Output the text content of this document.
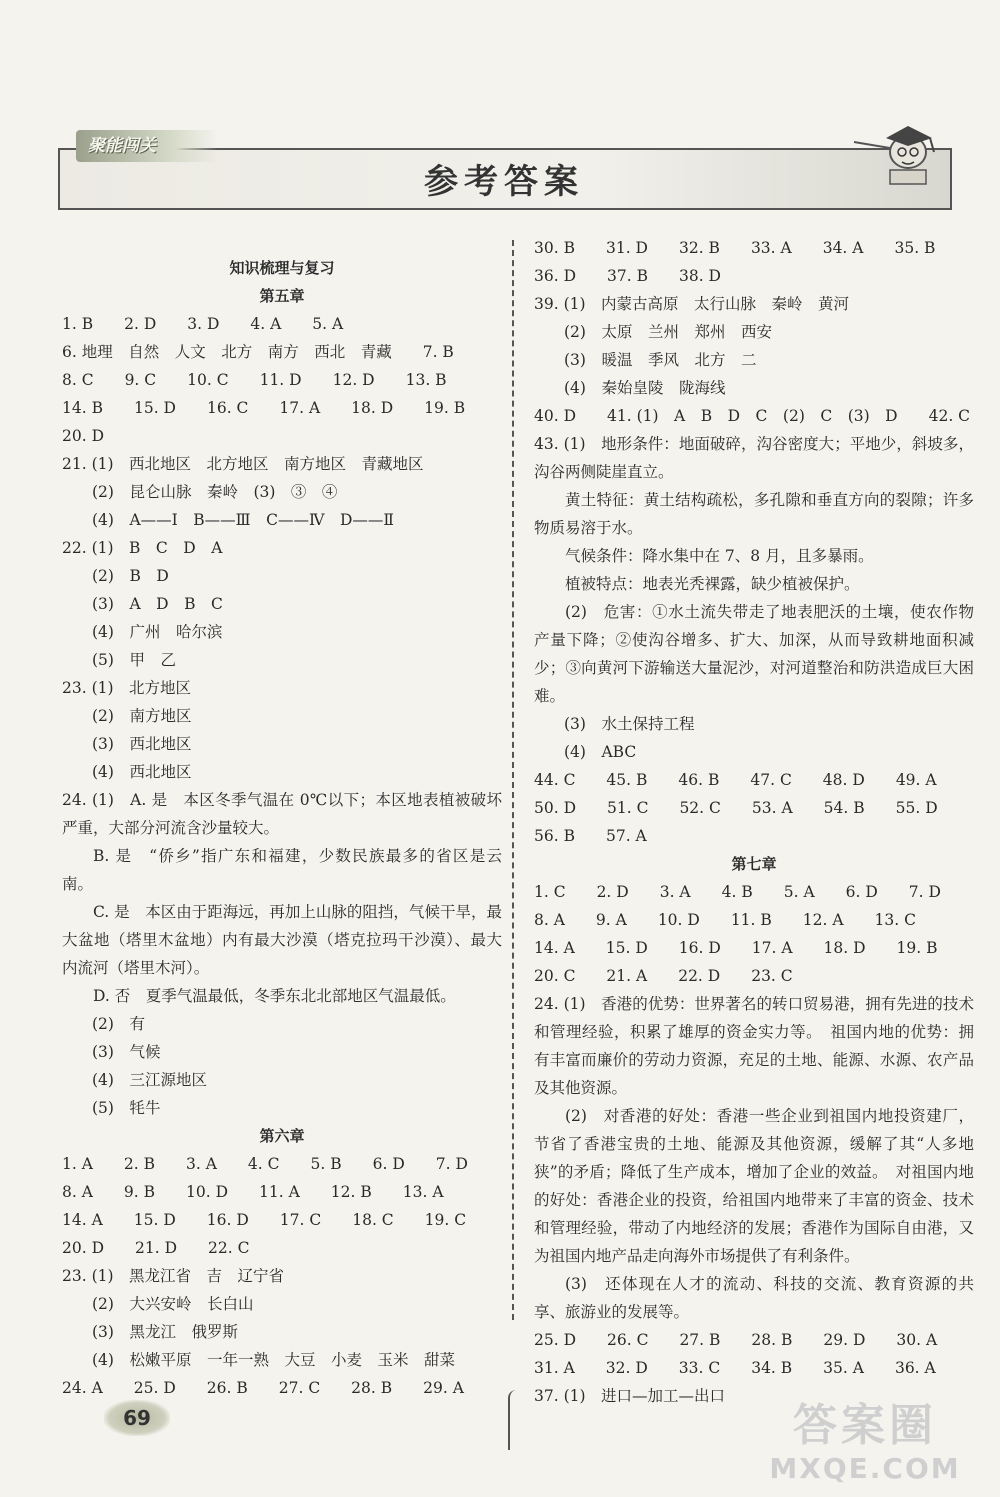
聚能闯关
参考答案
知识梳理与复习
第五章
1. B　　2. D　　3. D　　4. A　　5. A
6. 地理　自然　人文　北方　南方　西北　青藏　　7. B
8. C　　9. C　　10. C　　11. D　　12. D　　13. B
14. B　　15. D　　16. C　　17. A　　18. D　　19. B
20. D
21. (1)　西北地区　北方地区　南方地区　青藏地区
(2)　昆仑山脉　秦岭　(3)　③　④
(4)　A——Ⅰ　B——Ⅲ　C——Ⅳ　D——Ⅱ
22. (1)　B　C　D　A
(2)　B　D
(3)　A　D　B　C
(4)　广州　哈尔滨
(5)　甲　乙
23. (1)　北方地区
(2)　南方地区
(3)　西北地区
(4)　西北地区
24. (1)　A. 是　本区冬季气温在 0℃以下；本区地表植被破坏严重，大部分河流含沙量较大。
B. 是　“侨乡”指广东和福建，少数民族最多的省区是云南。
C. 是　本区由于距海远，再加上山脉的阻挡，气候干旱，最大盆地（塔里木盆地）内有最大沙漠（塔克拉玛干沙漠）、最大内流河（塔里木河）。
D. 否　夏季气温最低，冬季东北北部地区气温最低。
(2)　有
(3)　气候
(4)　三江源地区
(5)　牦牛
第六章
1. A　　2. B　　3. A　　4. C　　5. B　　6. D　　7. D
8. A　　9. B　　10. D　　11. A　　12. B　　13. A
14. A　　15. D　　16. D　　17. C　　18. C　　19. C
20. D　　21. D　　22. C
23. (1)　黑龙江省　吉　辽宁省
(2)　大兴安岭　长白山
(3)　黑龙江　俄罗斯
(4)　松嫩平原　一年一熟　大豆　小麦　玉米　甜菜
24. A　　25. D　　26. B　　27. C　　28. B　　29. A
30. B　　31. D　　32. B　　33. A　　34. A　　35. B
36. D　　37. B　　38. D
39. (1)　内蒙古高原　太行山脉　秦岭　黄河
(2)　太原　兰州　郑州　西安
(3)　暖温　季风　北方　二
(4)　秦始皇陵　陇海线
40. D　　41. (1)　A　B　D　C　(2)　C　(3)　D　　42. C
43. (1)　地形条件：地面破碎，沟谷密度大；平地少，斜坡多，沟谷两侧陡崖直立。
黄土特征：黄土结构疏松，多孔隙和垂直方向的裂隙；许多物质易溶于水。
气候条件：降水集中在 7、8 月，且多暴雨。
植被特点：地表光秃裸露，缺少植被保护。
(2)　危害：①水土流失带走了地表肥沃的土壤，使农作物产量下降；②使沟谷增多、扩大、加深，从而导致耕地面积减少；③向黄河下游输送大量泥沙，对河道整治和防洪造成巨大困难。
(3)　水土保持工程
(4)　ABC
44. C　　45. B　　46. B　　47. C　　48. D　　49. A
50. D　　51. C　　52. C　　53. A　　54. B　　55. D
56. B　　57. A
第七章
1. C　　2. D　　3. A　　4. B　　5. A　　6. D　　7. D
8. A　　9. A　　10. D　　11. B　　12. A　　13. C
14. A　　15. D　　16. D　　17. A　　18. D　　19. B
20. C　　21. A　　22. D　　23. C
24. (1)　香港的优势：世界著名的转口贸易港，拥有先进的技术和管理经验，积累了雄厚的资金实力等。　祖国内地的优势：拥有丰富而廉价的劳动力资源，充足的土地、能源、水源、农产品及其他资源。
(2)　对香港的好处：香港一些企业到祖国内地投资建厂，节省了香港宝贵的土地、能源及其他资源，缓解了其“人多地狭”的矛盾；降低了生产成本，增加了企业的效益。　对祖国内地的好处：香港企业的投资，给祖国内地带来了丰富的资金、技术和管理经验，带动了内地经济的发展；香港作为国际自由港，又为祖国内地产品走向海外市场提供了有利条件。
(3)　还体现在人才的流动、科技的交流、教育资源的共享、旅游业的发展等。
25. D　　26. C　　27. B　　28. B　　29. D　　30. A
31. A　　32. D　　33. C　　34. B　　35. A　　36. A
37. (1)　进口—加工—出口
69	答案圈
MXQE.COM
